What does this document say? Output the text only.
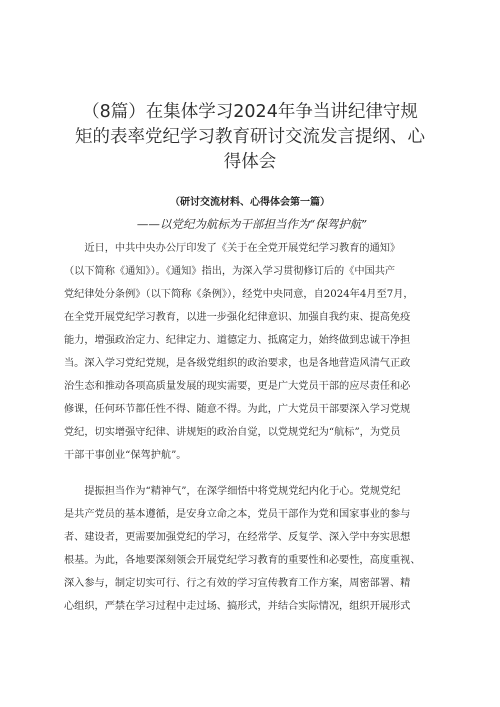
（8篇）在集体学习2024年争当讲纪律守规
矩的表率党纪学习教育研讨交流发言提纲、心
得体会
（研讨交流材料、心得体会第一篇）
——以党纪为航标为干部担当作为“保驾护航”
　　近日，中共中央办公厅印发了《关于在全党开展党纪学习教育的通知》
（以下简称《通知》）。《通知》指出，为深入学习贯彻修订后的《中国共产
党纪律处分条例》（以下简称《条例》），经党中央同意，自2024年4月至7月，
在全党开展党纪学习教育，以进一步强化纪律意识、加强自我约束、提高免疫
能力，增强政治定力、纪律定力、道德定力、抵腐定力，始终做到忠诚干净担
当。深入学习党纪党规，是各级党组织的政治要求，也是各地营造风清气正政
治生态和推动各项高质量发展的现实需要，更是广大党员干部的应尽责任和必
修课，任何环节都任性不得、随意不得。为此，广大党员干部要深入学习党规
党纪，切实增强守纪律、讲规矩的政治自觉，以党规党纪为“航标”，为党员
干部干事创业“保驾护航”。
　　提振担当作为“精神气”，在深学细悟中将党规党纪内化于心。党规党纪
是共产党员的基本遵循，是安身立命之本，党员干部作为党和国家事业的参与
者、建设者，更需要加强党纪的学习，在经常学、反复学、深入学中夯实思想
根基。为此，各地要深刻领会开展党纪学习教育的重要性和必要性，高度重视、
深入参与，制定切实可行、行之有效的学习宣传教育工作方案，周密部署、精
心组织，严禁在学习过程中走过场、搞形式，并结合实际情况，组织开展形式
